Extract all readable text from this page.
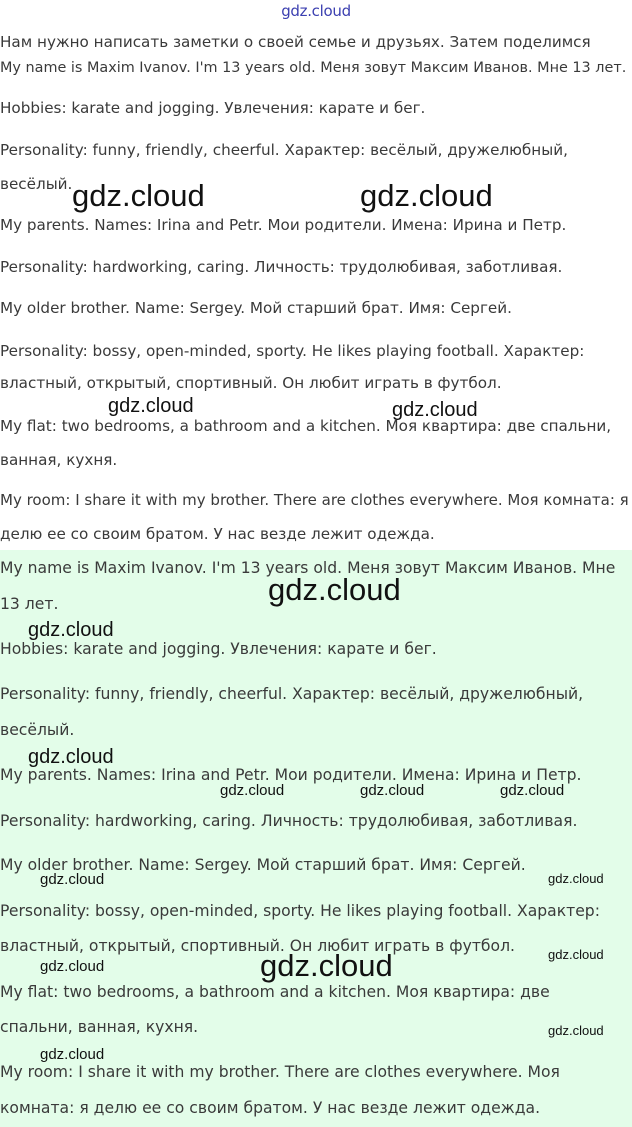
gdz.cloud

Нам нужно написать заметки о своей семье и друзьях. Затем поделимся

My name is Maxim Ivanov. I'm 13 years old. Меня зовут Максим Иванов. Мне 13 лет.

Hobbies: karate and jogging. Увлечения: карате и бег.

Personality: funny, friendly, cheerful. Характер: весёлый, дружелюбный,

весёлый.

My parents. Names: Irina and Petr. Мои родители. Имена: Ирина и Петр.

Personality: hardworking, caring. Личность: трудолюбивая, заботливая.

My older brother. Name: Sergey. Мой старший брат. Имя: Сергей.

Personality: bossy, open-minded, sporty. He likes playing football. Характер:

властный, открытый, спортивный. Он любит играть в футбол.

My flat: two bedrooms, a bathroom and a kitchen. Моя квартира: две спальни,

ванная, кухня.

My room: I share it with my brother. There are clothes everywhere. Моя комната: я

делю ее со своим братом. У нас везде лежит одежда.

My name is Maxim Ivanov. I'm 13 years old. Меня зовут Максим Иванов. Мне

13 лет.

Hobbies: karate and jogging. Увлечения: карате и бег.

Personality: funny, friendly, cheerful. Характер: весёлый, дружелюбный,

весёлый.

My parents. Names: Irina and Petr. Мои родители. Имена: Ирина и Петр.

Personality: hardworking, caring. Личность: трудолюбивая, заботливая.

My older brother. Name: Sergey. Мой старший брат. Имя: Сергей.

Personality: bossy, open-minded, sporty. He likes playing football. Характер:

властный, открытый, спортивный. Он любит играть в футбол.

My flat: two bedrooms, a bathroom and a kitchen. Моя квартира: две

спальни, ванная, кухня.

My room: I share it with my brother. There are clothes everywhere. Моя

комната: я делю ее со своим братом. У нас везде лежит одежда.

gdz.cloud	gdz.cloud
gdz.cloud	gdz.cloud
gdz.cloud
gdz.cloud
gdz.cloud
gdz.cloud	gdz.cloud	gdz.cloud
gdz.cloud	gdz.cloud
gdz.cloud
gdz.cloud
gdz.cloud
gdz.cloud
gdz.cloud
